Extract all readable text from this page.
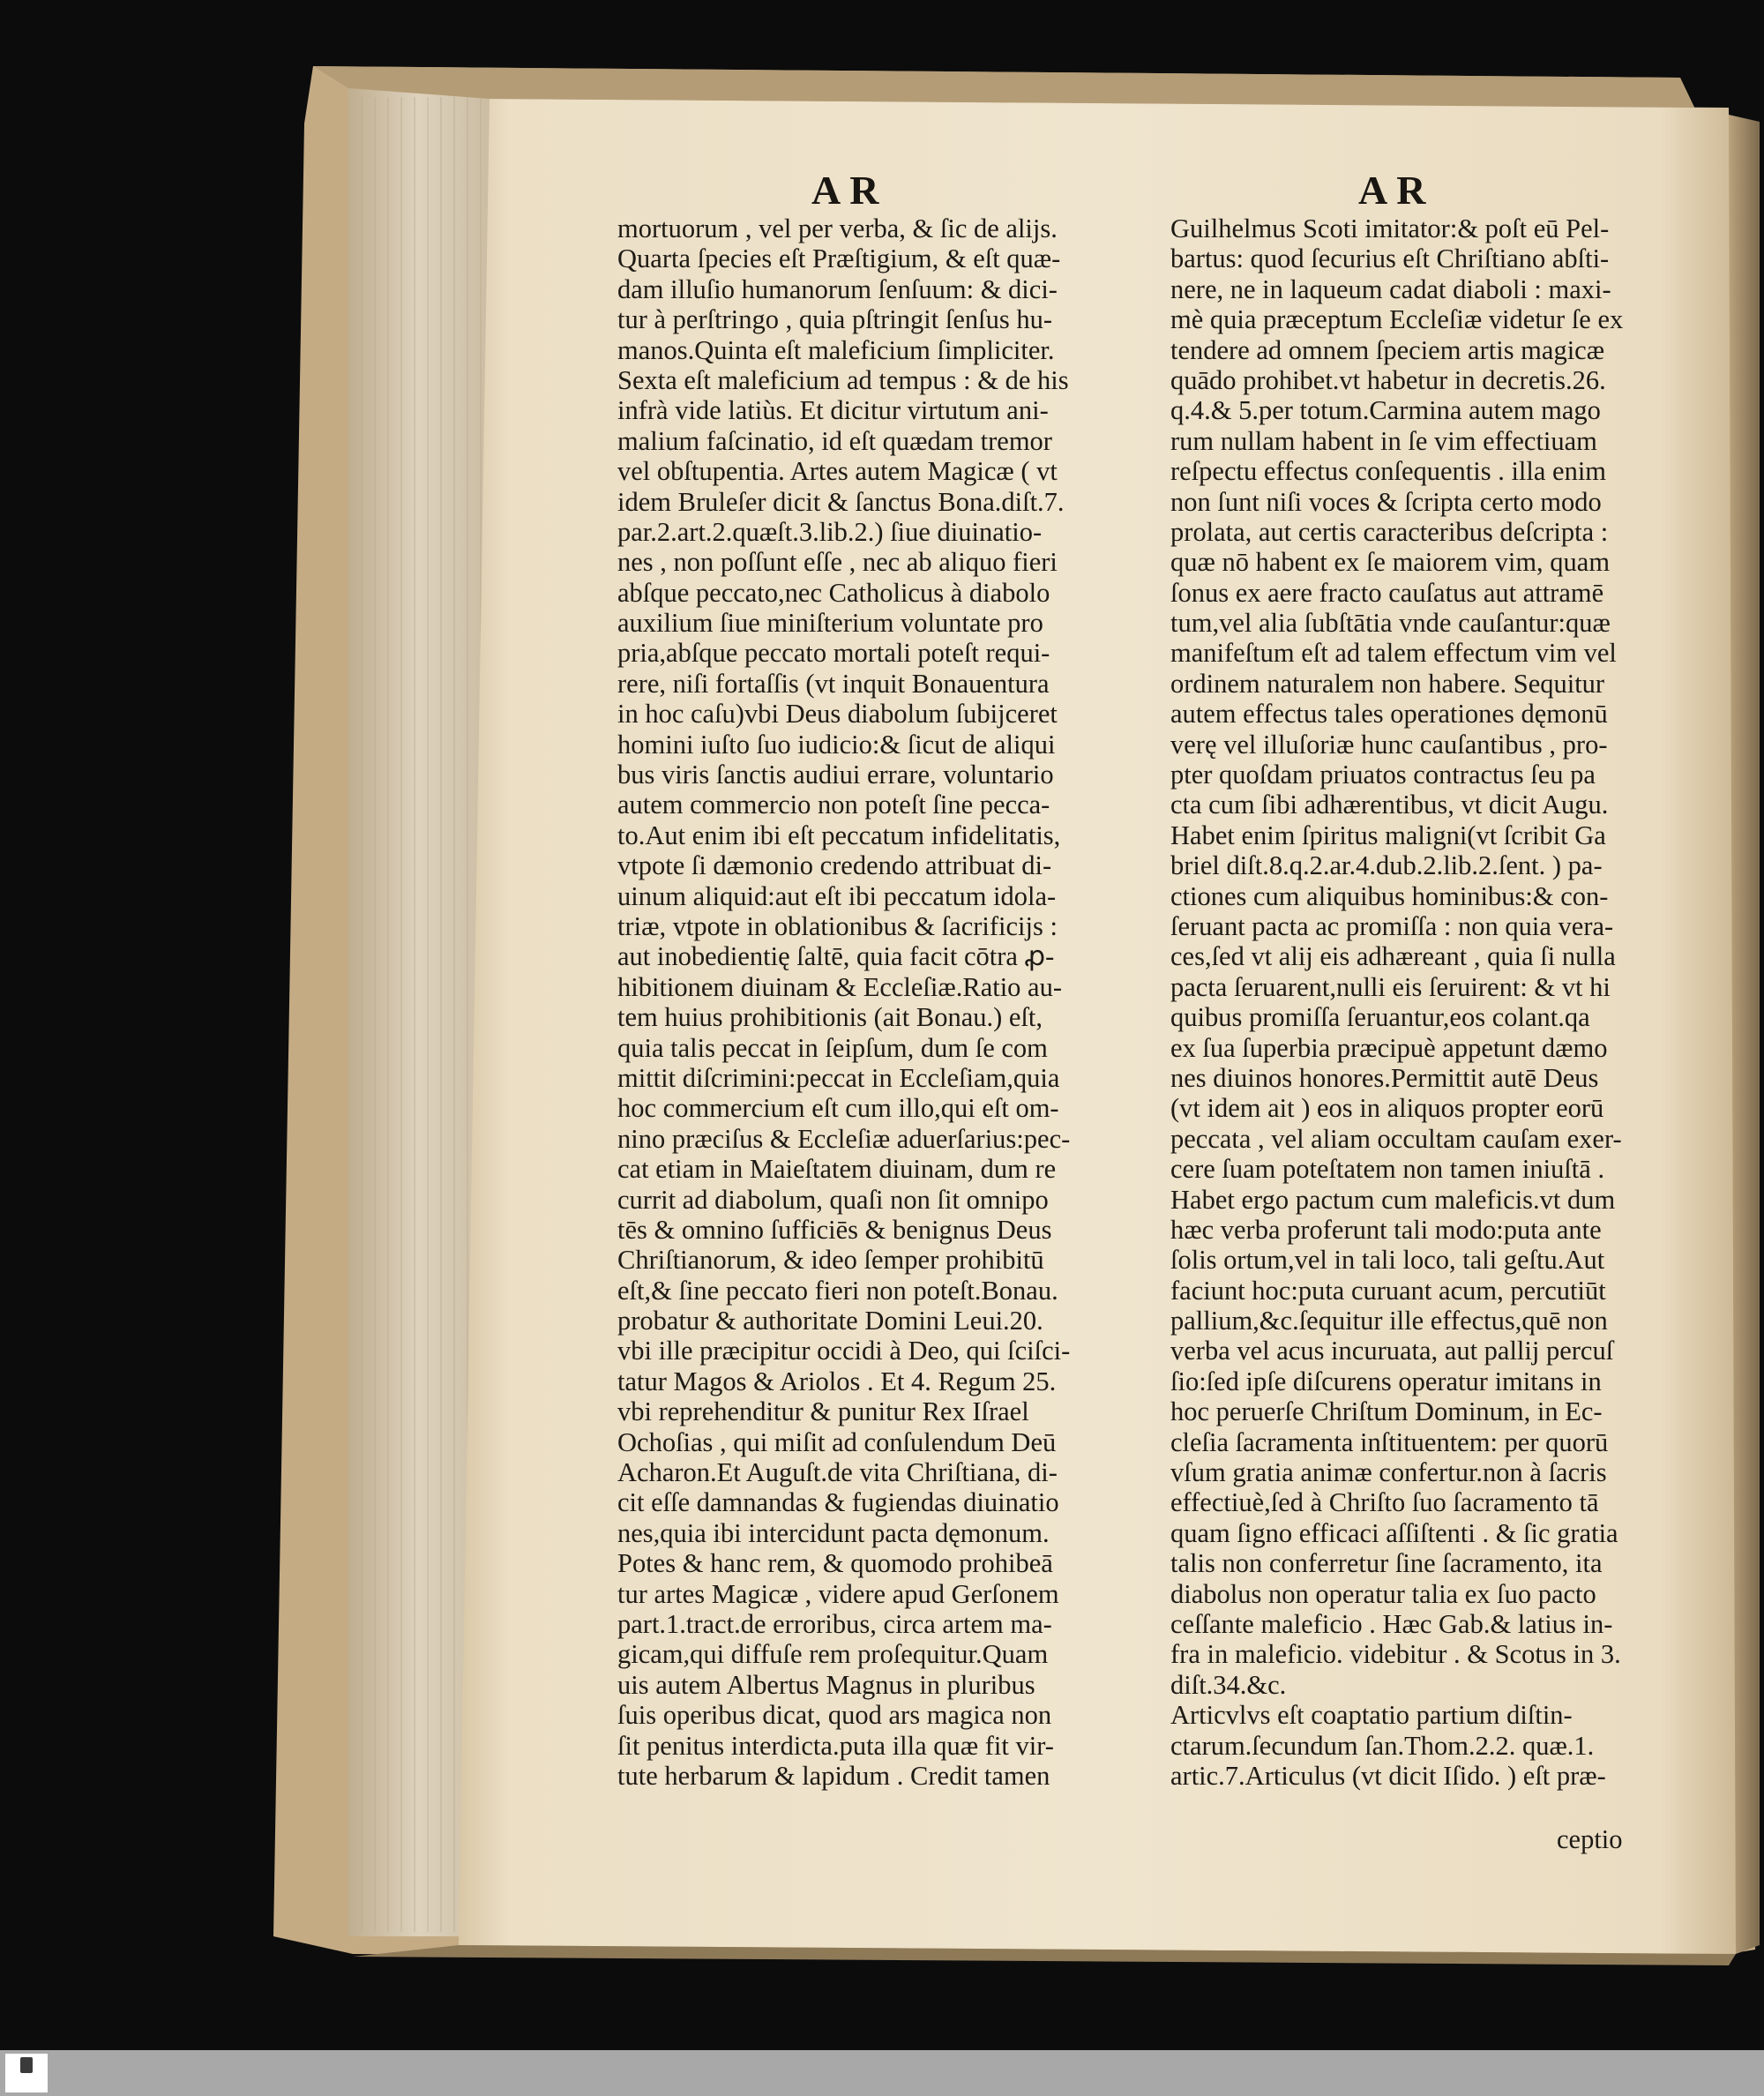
AR	AR
mortuorum , vel per verba, & ſic de alijs.
Quarta ſpecies eſt Præſtigium, & eſt quæ-
dam illuſio humanorum ſenſuum: & dici-
tur à perſtringo , quia pſtringit ſenſus hu-
manos.Quinta eſt maleficium ſimpliciter.
Sexta eſt maleficium ad tempus : & de his
infrà vide latiùs. Et dicitur virtutum ani-
malium faſcinatio, id eſt quædam tremor
vel obſtupentia. Artes autem Magicæ ( vt
idem Bruleſer dicit & ſanctus Bona.diſt.7.
par.2.art.2.quæſt.3.lib.2.) ſiue diuinatio-
nes , non poſſunt eſſe , nec ab aliquo fieri
abſque peccato,nec Catholicus à diabolo
auxilium ſiue miniſterium voluntate pro
pria,abſque peccato mortali poteſt requi-
rere, niſi fortaſſis (vt inquit Bonauentura
in hoc caſu)vbi Deus diabolum ſubijceret
homini iuſto ſuo iudicio:& ſicut de aliqui
bus viris ſanctis audiui errare, voluntario
autem commercio non poteſt ſine pecca-
to.Aut enim ibi eſt peccatum infidelitatis,
vtpote ſi dæmonio credendo attribuat di-
uinum aliquid:aut eſt ibi peccatum idola-
triæ, vtpote in oblationibus & ſacrificijs :
aut inobedientię ſaltē, quia facit cōtra ꝓ-
hibitionem diuinam & Eccleſiæ.Ratio au-
tem huius prohibitionis (ait Bonau.) eſt,
quia talis peccat in ſeipſum, dum ſe com
mittit diſcrimini:peccat in Eccleſiam,quia
hoc commercium eſt cum illo,qui eſt om-
nino præciſus & Eccleſiæ aduerſarius:pec-
cat etiam in Maieſtatem diuinam, dum re
currit ad diabolum, quaſi non ſit omnipo
tēs & omnino ſufficiēs & benignus Deus
Chriſtianorum, & ideo ſemper prohibitū
eſt,& ſine peccato fieri non poteſt.Bonau.
probatur & authoritate Domini Leui.20.
vbi ille præcipitur occidi à Deo, qui ſciſci-
tatur Magos & Ariolos . Et 4. Regum 25.
vbi reprehenditur & punitur Rex Iſrael
Ochoſias , qui miſit ad conſulendum Deū
Acharon.Et Auguſt.de vita Chriſtiana, di-
cit eſſe damnandas & fugiendas diuinatio
nes,quia ibi intercidunt pacta dęmonum.
Potes & hanc rem, & quomodo prohibeā
tur artes Magicæ , videre apud Gerſonem
part.1.tract.de erroribus, circa artem ma-
gicam,qui diffuſe rem proſequitur.Quam
uis autem Albertus Magnus in pluribus
ſuis operibus dicat, quod ars magica non
ſit penitus interdicta.puta illa quæ fit vir-
tute herbarum & lapidum . Credit tamen
Guilhelmus Scoti imitator:& poſt eū Pel-
bartus: quod ſecurius eſt Chriſtiano abſti-
nere, ne in laqueum cadat diaboli : maxi-
mè quia præceptum Eccleſiæ videtur ſe ex
tendere ad omnem ſpeciem artis magicæ
quādo prohibet.vt habetur in decretis.26.
q.4.& 5.per totum.Carmina autem mago
rum nullam habent in ſe vim effectiuam
reſpectu effectus conſequentis . illa enim
non ſunt niſi voces & ſcripta certo modo
prolata, aut certis caracteribus deſcripta :
quæ nō habent ex ſe maiorem vim, quam
ſonus ex aere fracto cauſatus aut attramē
tum,vel alia ſubſtātia vnde cauſantur:quæ
manifeſtum eſt ad talem effectum vim vel
ordinem naturalem non habere. Sequitur
autem effectus tales operationes dęmonū
verę vel illuſoriæ hunc cauſantibus , pro-
pter quoſdam priuatos contractus ſeu pa
cta cum ſibi adhærentibus, vt dicit Augu.
Habet enim ſpiritus maligni(vt ſcribit Ga
briel diſt.8.q.2.ar.4.dub.2.lib.2.ſent. ) pa-
ctiones cum aliquibus hominibus:& con-
ſeruant pacta ac promiſſa : non quia vera-
ces,ſed vt alij eis adhæreant , quia ſi nulla
pacta ſeruarent,nulli eis ſeruirent: & vt hi
quibus promiſſa ſeruantur,eos colant.qa
ex ſua ſuperbia præcipuè appetunt dæmo
nes diuinos honores.Permittit autē Deus
(vt idem ait ) eos in aliquos propter eorū
peccata , vel aliam occultam cauſam exer-
cere ſuam poteſtatem non tamen iniuſtā .
Habet ergo pactum cum maleficis.vt dum
hæc verba proferunt tali modo:puta ante
ſolis ortum,vel in tali loco, tali geſtu.Aut
faciunt hoc:puta curuant acum, percutiūt
pallium,&c.ſequitur ille effectus,quē non
verba vel acus incuruata, aut pallij percuſ
ſio:ſed ipſe diſcurens operatur imitans in
hoc peruerſe Chriſtum Dominum, in Ec-
cleſia ſacramenta inſtituentem: per quorū
vſum gratia animæ confertur.non à ſacris
effectiuè,ſed à Chriſto ſuo ſacramento tā
quam ſigno efficaci aſſiſtenti . & ſic gratia
talis non conferretur ſine ſacramento, ita
diabolus non operatur talia ex ſuo pacto
ceſſante maleficio . Hæc Gab.& latius in-
fra in maleficio. videbitur . & Scotus in 3.
diſt.34.&c.
Articvlvs eſt coaptatio partium diſtin-
ctarum.ſecundum ſan.Thom.2.2. quæ.1.
artic.7.Articulus (vt dicit Iſido. ) eſt præ-
ceptio
